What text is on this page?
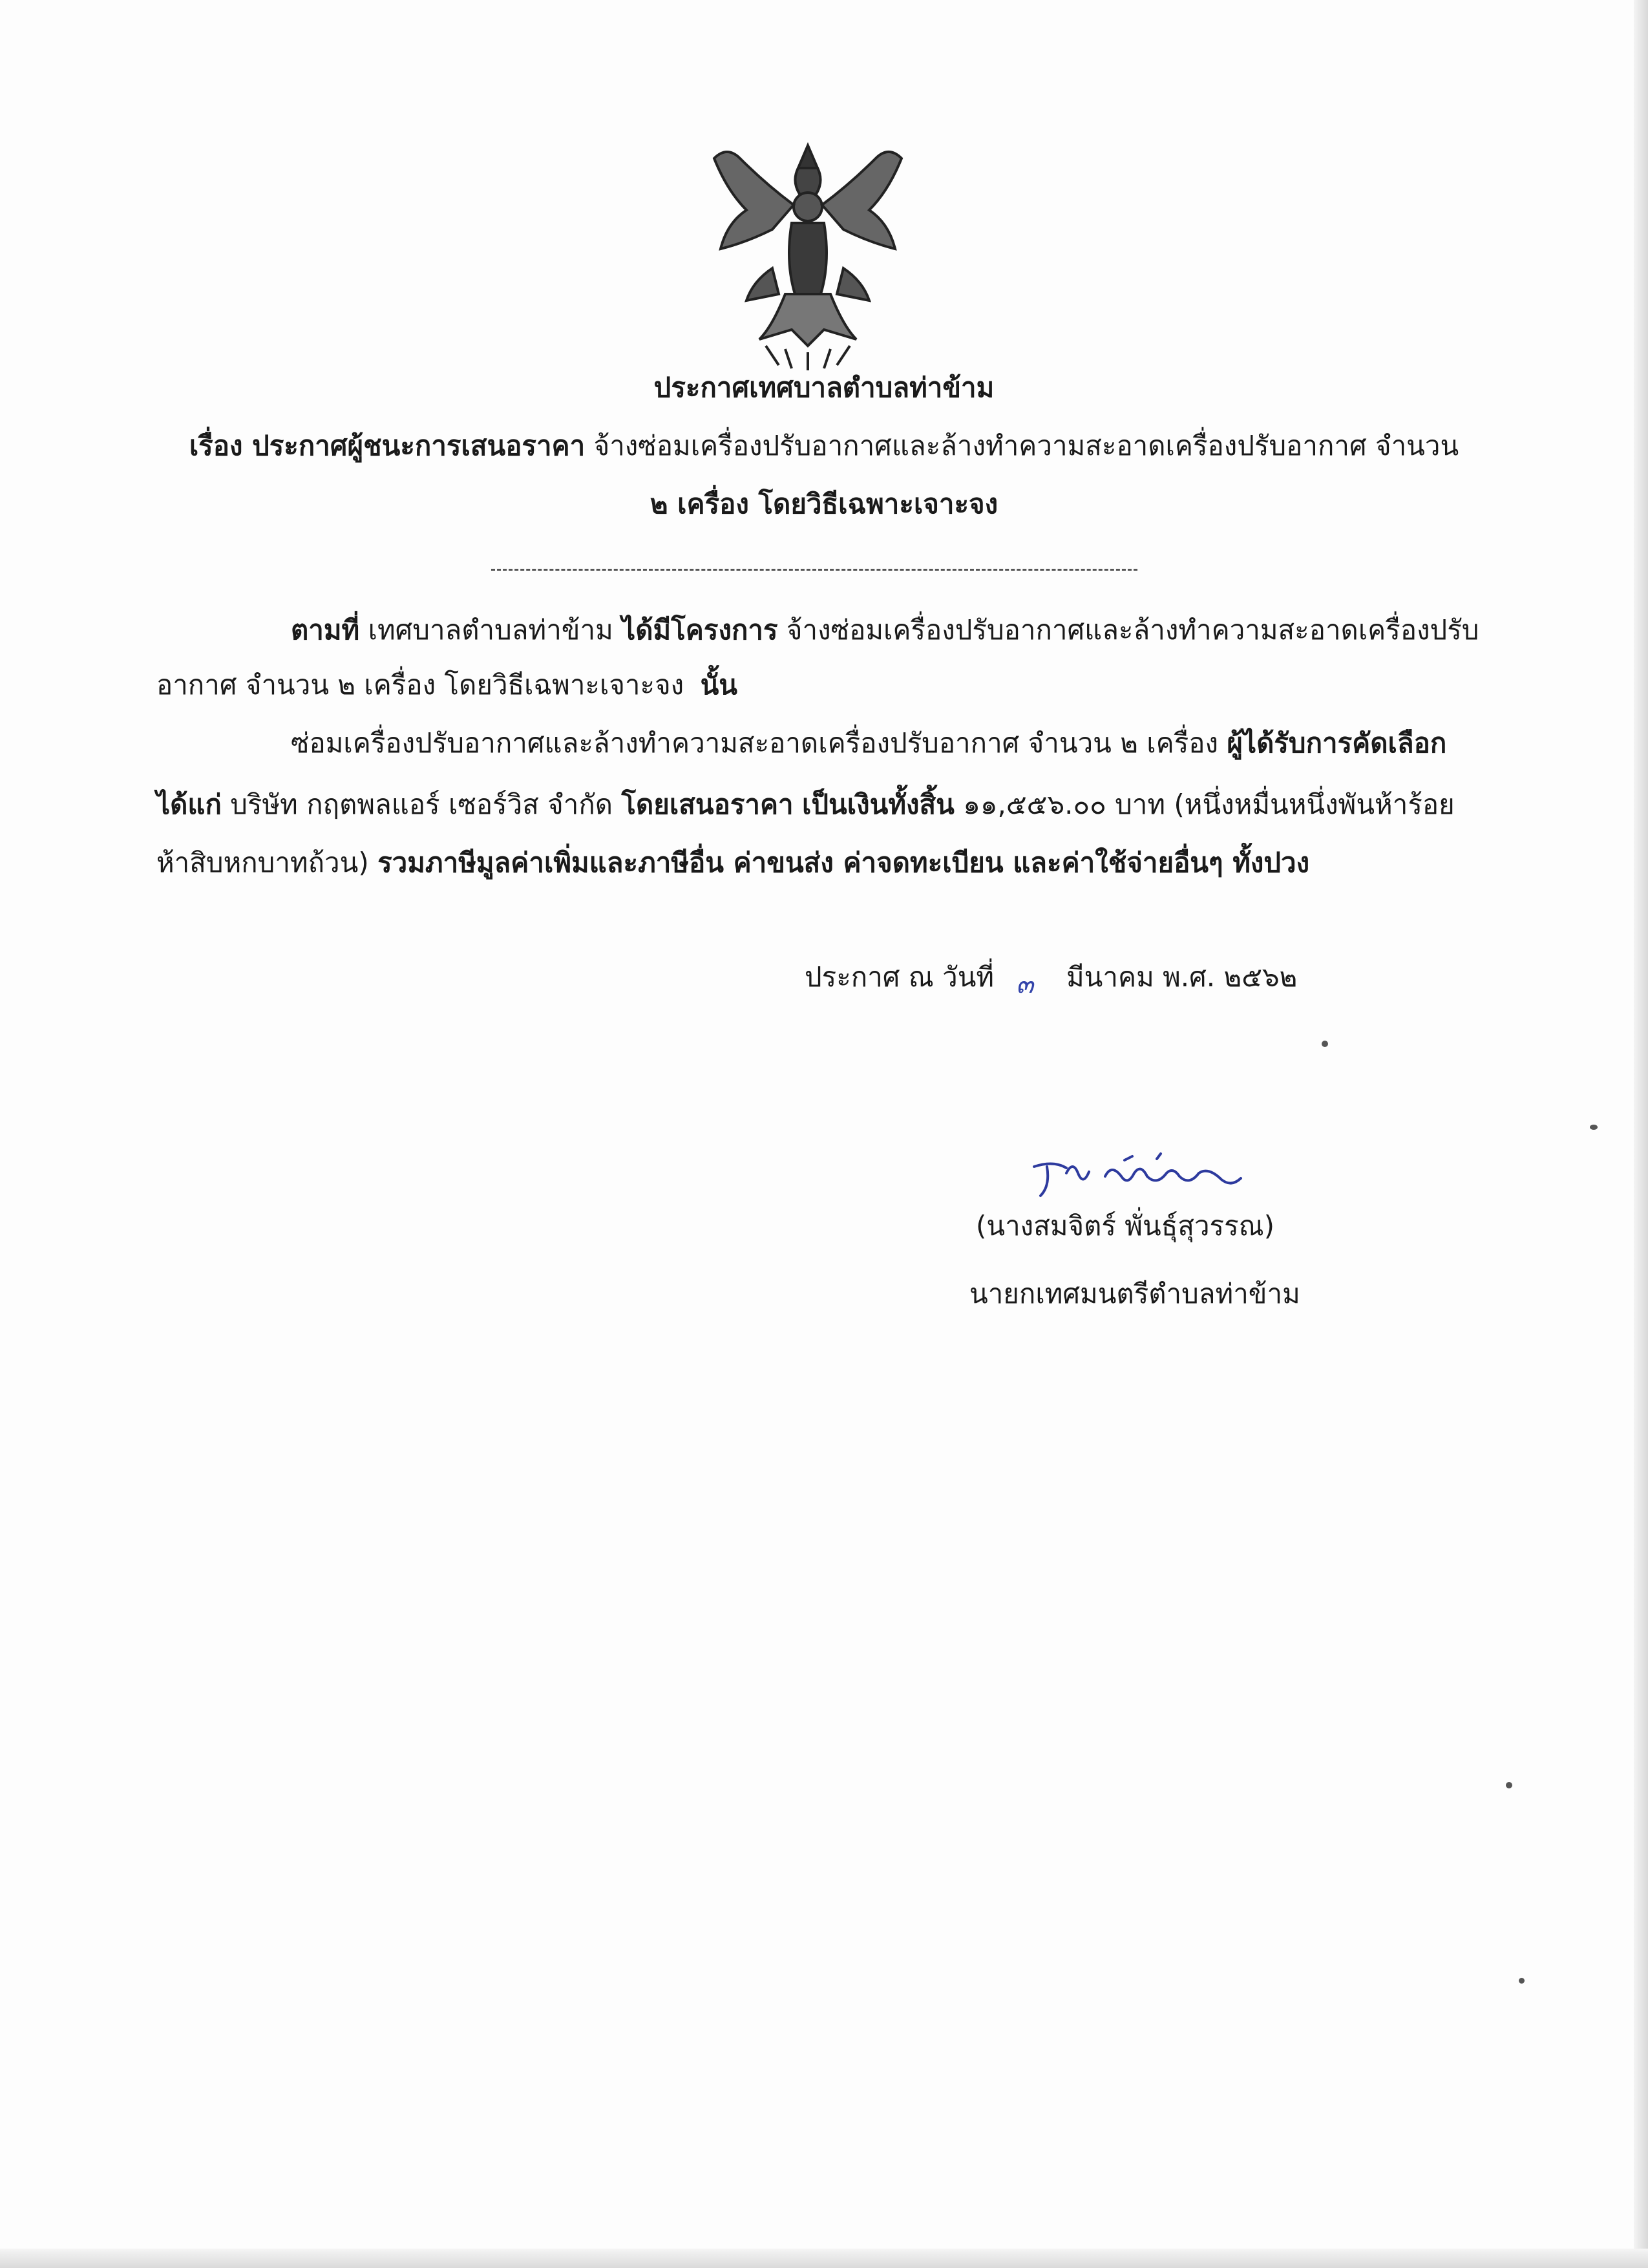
ประกาศเทศบาลตำบลท่าข้าม
เรื่อง ประกาศผู้ชนะการเสนอราคา จ้างซ่อมเครื่องปรับอากาศและล้างทำความสะอาดเครื่องปรับอากาศ จำนวน
๒ เครื่อง โดยวิธีเฉพาะเจาะจง
ตามที่ เทศบาลตำบลท่าข้าม ได้มีโครงการ จ้างซ่อมเครื่องปรับอากาศและล้างทำความสะอาดเครื่องปรับ
อากาศ จำนวน ๒ เครื่อง โดยวิธีเฉพาะเจาะจง นั้น
ซ่อมเครื่องปรับอากาศและล้างทำความสะอาดเครื่องปรับอากาศ จำนวน ๒ เครื่อง ผู้ได้รับการคัดเลือก
ได้แก่ บริษัท กฤตพลแอร์ เซอร์วิส จำกัด โดยเสนอราคา เป็นเงินทั้งสิ้น ๑๑,๕๕๖.๐๐ บาท (หนึ่งหมื่นหนึ่งพันห้าร้อย
ห้าสิบหกบาทถ้วน) รวมภาษีมูลค่าเพิ่มและภาษีอื่น ค่าขนส่ง ค่าจดทะเบียน และค่าใช้จ่ายอื่นๆ ทั้งปวง
ประกาศ ณ วันที่ ๓ มีนาคม พ.ศ. ๒๕๖๒
(นางสมจิตร์ พั่นธุ์สุวรรณ)
นายกเทศมนตรีตำบลท่าข้าม
